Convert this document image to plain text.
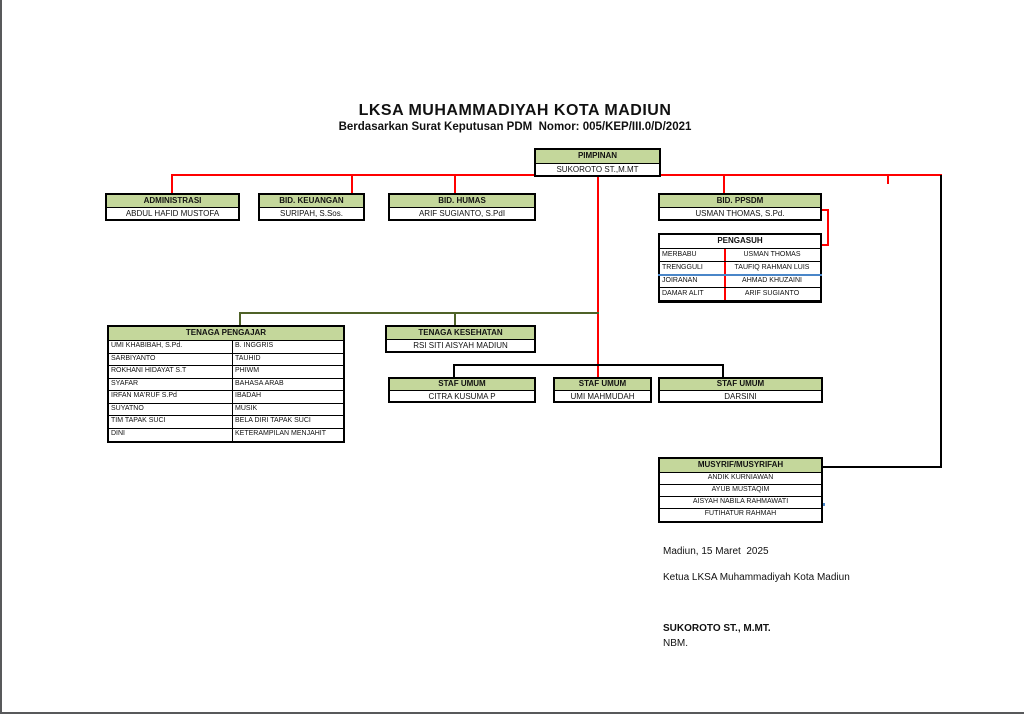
LKSA MUHAMMADIYAH KOTA MADIUN
Berdasarkan Surat Keputusan PDM  Nomor: 005/KEP/III.0/D/2021
PIMPINAN
SUKOROTO ST.,M.MT
ADMINISTRASI
ABDUL HAFID MUSTOFA
BID. KEUANGAN
SURIPAH, S.Sos.
BID. HUMAS
ARIF SUGIANTO, S.PdI
BID. PPSDM
USMAN THOMAS, S.Pd.
PENGASUH
MERBABU	USMAN THOMAS
TRENGGULI	TAUFIQ RAHMAN LUIS
JOIRANAN	AHMAD KHUZAINI
DAMAR ALIT	ARIF SUGIANTO
TENAGA PENGAJAR
UMI KHABIBAH, S.Pd.	B. INGGRIS
SARBIYANTO	TAUHID
ROKHANI HIDAYAT S.T	PHIWM
SYAFAR	BAHASA ARAB
IRFAN MA'RUF S.Pd	IBADAH
SUYATNO	MUSIK
TIM TAPAK SUCI	BELA DIRI TAPAK SUCI
DINI	KETERAMPILAN MENJAHIT
TENAGA KESEHATAN
RSI SITI AISYAH MADIUN
STAF UMUM
CITRA KUSUMA P
STAF UMUM
UMI MAHMUDAH
STAF UMUM
DARSINI
MUSYRIF/MUSYRIFAH
ANDIK KURNIAWAN
AYUB MUSTAQIM
AISYAH NABILA RAHMAWATI
FUTIHATUR RAHMAH
Madiun, 15 Maret  2025
Ketua LKSA Muhammadiyah Kota Madiun
SUKOROTO ST., M.MT.
NBM.
